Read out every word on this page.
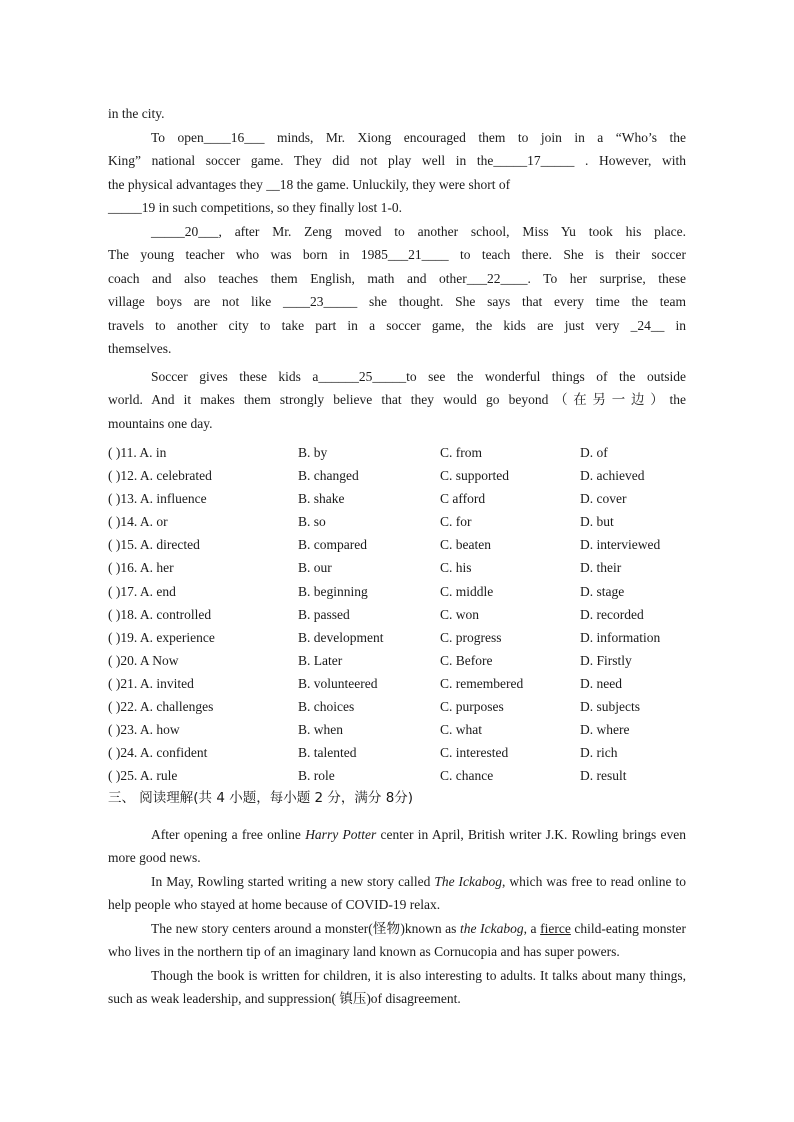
in the city.

To open____16___ minds, Mr. Xiong encouraged them to join in a “Who’s the

King” national soccer game. They did not play well in the_____17_____ . However, with

the physical advantages they __18 the game. Unluckily, they were short of

_____19 in such competitions, so they finally lost 1-0.

_____20___, after Mr. Zeng moved to another school, Miss Yu took his place.

The young teacher who was born in 1985___21____ to teach there. She is their soccer

coach and also teaches them English, math and other___22____. To her surprise, these

village boys are not like ____23_____ she thought. She says that every time the team

travels to another city to take part in a soccer game, the kids are just very _24__ in

themselves.

Soccer gives these kids a______25_____to see the wonderful things of the outside

world. And it makes them strongly believe that they would go beyond（在另一边）the

mountains one day.

( )11. A. in	B. by	C. from	D. of
( )12. A. celebrated	B. changed	C. supported	D. achieved
( )13. A. influence	B. shake	C afford	D. cover
( )14. A. or	B. so	C. for	D. but
( )15. A. directed	B. compared	C. beaten	D. interviewed
( )16. A. her	B. our	C. his	D. their
( )17. A. end	B. beginning	C. middle	D. stage
( )18. A. controlled	B. passed	C. won	D. recorded
( )19. A. experience	B. development	C. progress	D. information
( )20. A Now	B. Later	C. Before	D. Firstly
( )21. A. invited	B. volunteered	C. remembered	D. need
( )22. A. challenges	B. choices	C. purposes	D. subjects
( )23. A. how	B. when	C. what	D. where
( )24. A. confident	B. talented	C. interested	D. rich
( )25. A. rule	B. role	C. chance	D. result

三、 阅读理解(共 4 小题，每小题 2 分，满分 8分)

After opening a free online Harry Potter center in April, British writer J.K. Rowling brings even more good news.

In May, Rowling started writing a new story called The Ickabog, which was free to read online to help people who stayed at home because of COVID-19 relax.

The new story centers around a monster(怪物)known as the Ickabog, a fierce child-eating monster who lives in the northern tip of an imaginary land known as Cornucopia and has super powers.

Though the book is written for children, it is also interesting to adults. It talks about many things, such as weak leadership, and suppression( 镇压)of disagreement.
